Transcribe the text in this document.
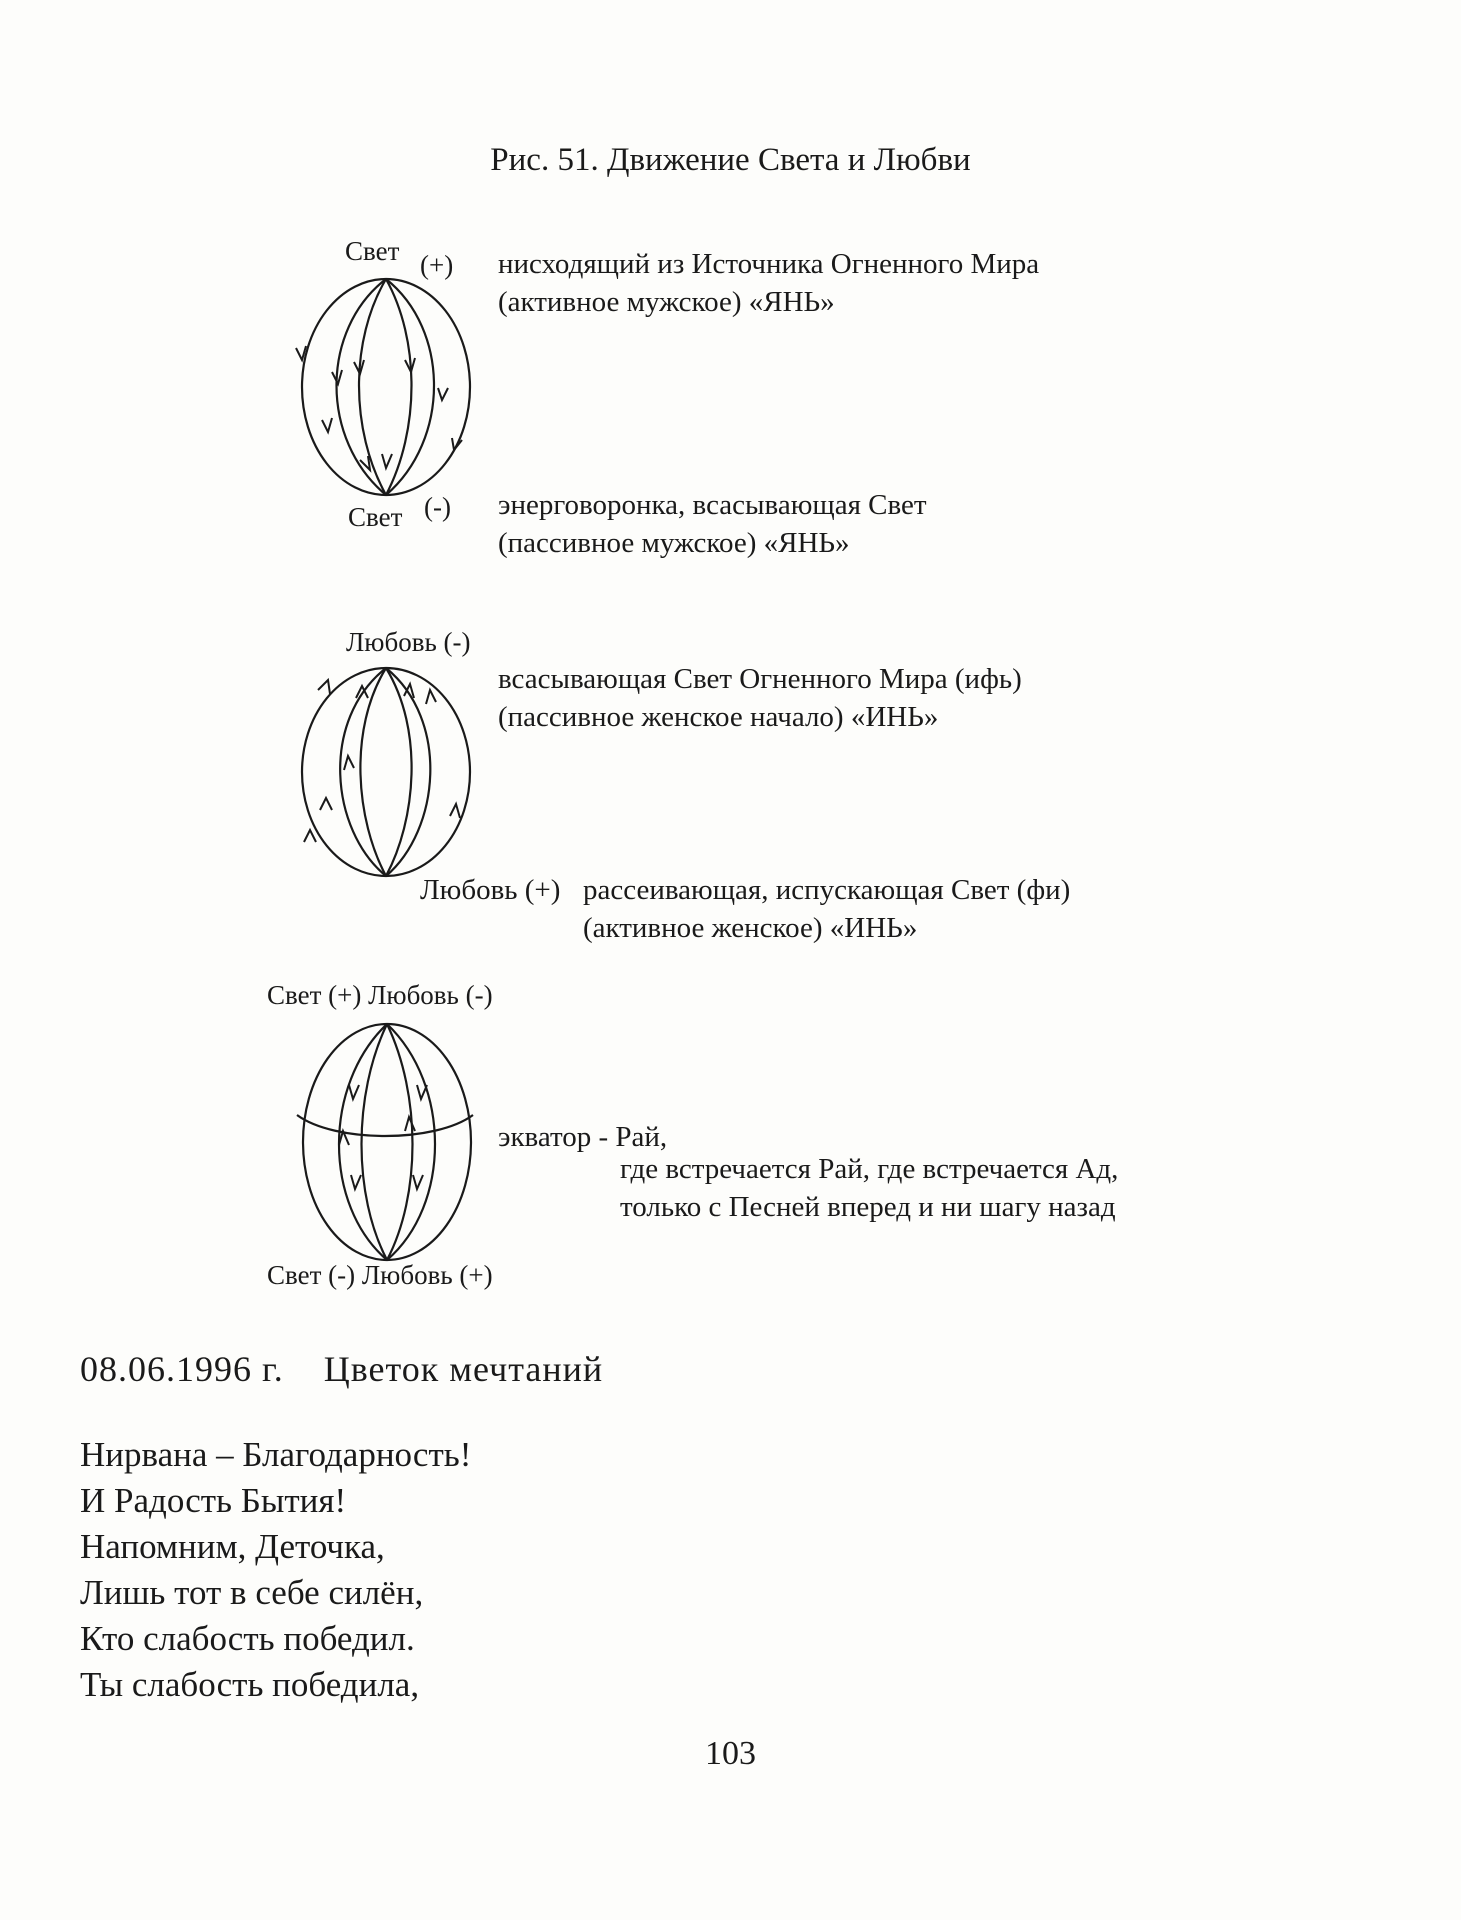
Рис. 51. Движение Света и Любви
Свет (+)
Свет (-)
нисходящий из Источника Огненного Мира
(активное мужское) «ЯНЬ»
энерговоронка, всасывающая Свет
(пассивное мужское) «ЯНЬ»
Любовь (-)
всасывающая Свет Огненного Мира (ифь)
(пассивное женское начало) «ИНЬ»
Любовь (+) рассеивающая, испускающая Свет (фи)
(активное женское) «ИНЬ»
Свет (+) Любовь (-)
экватор - Рай,
где встречается Рай, где встречается Ад,
только с Песней вперед и ни шагу назад
Свет (-) Любовь (+)
08.06.1996 г. Цветок мечтаний
Нирвана – Благодарность!
И Радость Бытия!
Напомним, Деточка,
Лишь тот в себе силён,
Кто слабость победил.
Ты слабость победила,
103
